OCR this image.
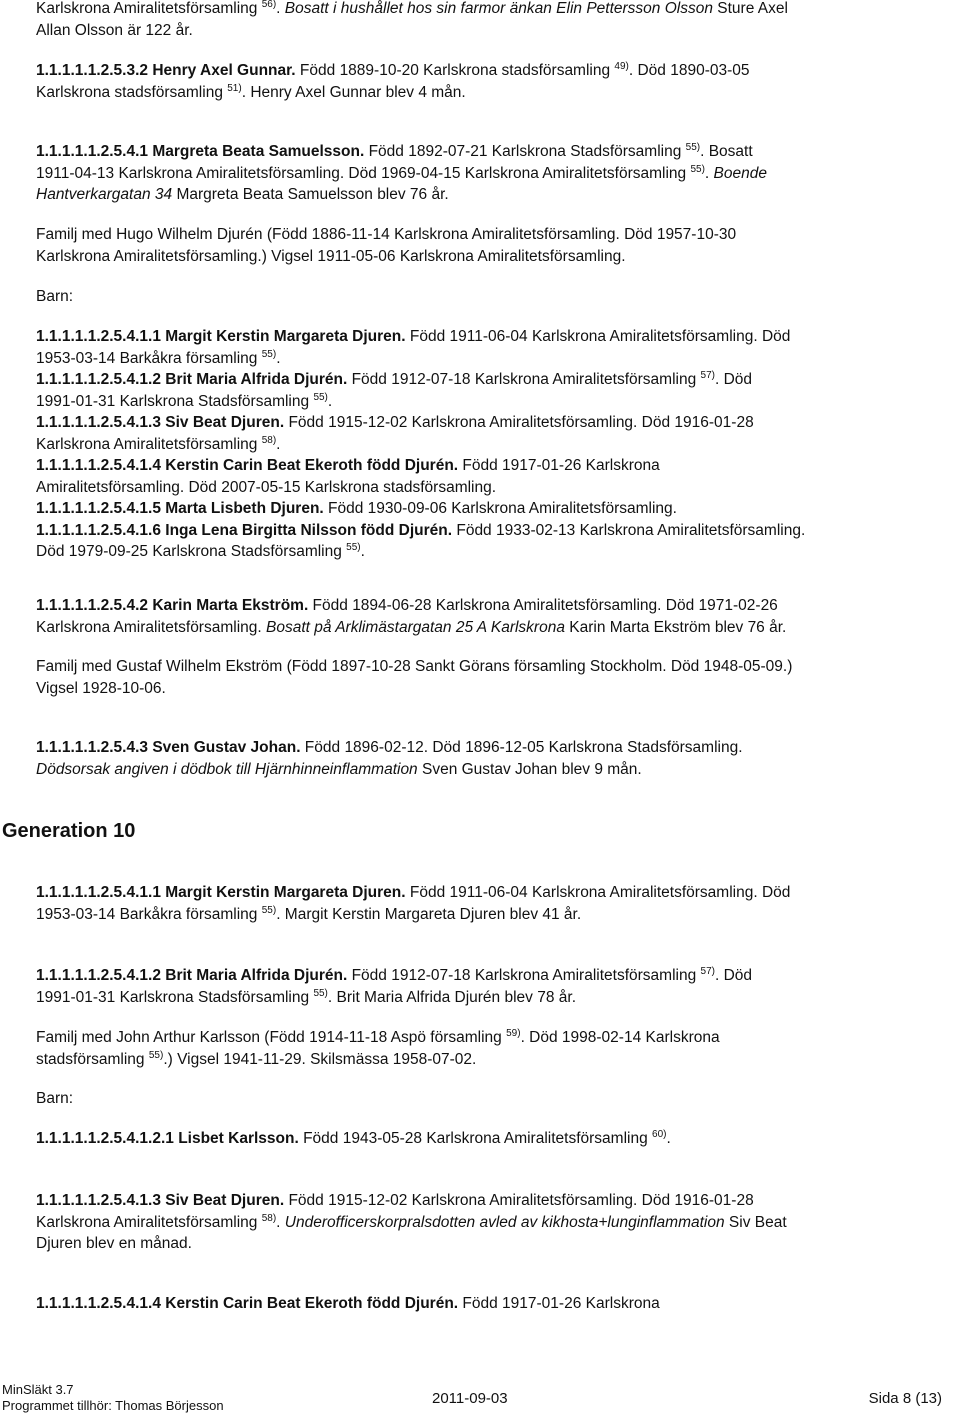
Karlskrona Amiralitetsförsamling $^{56)}$. Bosatt i hushållet hos sin farmor änkan Elin Pettersson Olsson Sture Axel

Allan Olsson är 122 år.

1.1.1.1.1.2.5.3.2 Henry Axel Gunnar. Född 1889-10-20 Karlskrona stadsförsamling $^{49)}$. Död 1890-03-05

Karlskrona stadsförsamling $^{51)}$. Henry Axel Gunnar blev 4 mån.

1.1.1.1.1.2.5.4.1 Margreta Beata Samuelsson. Född 1892-07-21 Karlskrona Stadsförsamling $^{55)}$. Bosatt

1911-04-13 Karlskrona Amiralitetsförsamling. Död 1969-04-15 Karlskrona Amiralitetsförsamling $^{55)}$. Boende

Hantverkargatan 34 Margreta Beata Samuelsson blev 76 år.

Familj med Hugo Wilhelm Djurén (Född 1886-11-14 Karlskrona Amiralitetsförsamling. Död 1957-10-30

Karlskrona Amiralitetsförsamling.) Vigsel 1911-05-06 Karlskrona Amiralitetsförsamling.

Barn:

1.1.1.1.1.2.5.4.1.1 Margit Kerstin Margareta Djuren. Född 1911-06-04 Karlskrona Amiralitetsförsamling. Död

1953-03-14 Barkåkra församling $^{55)}$.

1.1.1.1.1.2.5.4.1.2 Brit Maria Alfrida Djurén. Född 1912-07-18 Karlskrona Amiralitetsförsamling $^{57)}$. Död

1991-01-31 Karlskrona Stadsförsamling $^{55)}$.

1.1.1.1.1.2.5.4.1.3 Siv Beat Djuren. Född 1915-12-02 Karlskrona Amiralitetsförsamling. Död 1916-01-28

Karlskrona Amiralitetsförsamling $^{58)}$.

1.1.1.1.1.2.5.4.1.4 Kerstin Carin Beat Ekeroth född Djurén. Född 1917-01-26 Karlskrona

Amiralitetsförsamling. Död 2007-05-15 Karlskrona stadsförsamling.

1.1.1.1.1.2.5.4.1.5 Marta Lisbeth Djuren. Född 1930-09-06 Karlskrona Amiralitetsförsamling.

1.1.1.1.1.2.5.4.1.6 Inga Lena Birgitta Nilsson född Djurén. Född 1933-02-13 Karlskrona Amiralitetsförsamling.

Död 1979-09-25 Karlskrona Stadsförsamling $^{55)}$.

1.1.1.1.1.2.5.4.2 Karin Marta Ekström. Född 1894-06-28 Karlskrona Amiralitetsförsamling. Död 1971-02-26

Karlskrona Amiralitetsförsamling. Bosatt på Arklimästargatan 25 A Karlskrona Karin Marta Ekström blev 76 år.

Familj med Gustaf Wilhelm Ekström (Född 1897-10-28 Sankt Görans församling Stockholm. Död 1948-05-09.)

Vigsel 1928-10-06.

1.1.1.1.1.2.5.4.3 Sven Gustav Johan. Född 1896-02-12. Död 1896-12-05 Karlskrona Stadsförsamling.

Dödsorsak angiven i dödbok till Hjärnhinneinflammation Sven Gustav Johan blev 9 mån.

1.1.1.1.1.2.5.4.1.1 Margit Kerstin Margareta Djuren. Född 1911-06-04 Karlskrona Amiralitetsförsamling. Död

1953-03-14 Barkåkra församling $^{55)}$. Margit Kerstin Margareta Djuren blev 41 år.

1.1.1.1.1.2.5.4.1.2 Brit Maria Alfrida Djurén. Född 1912-07-18 Karlskrona Amiralitetsförsamling $^{57)}$. Död

1991-01-31 Karlskrona Stadsförsamling $^{55)}$. Brit Maria Alfrida Djurén blev 78 år.

Familj med John Arthur Karlsson (Född 1914-11-18 Aspö församling $^{59)}$. Död 1998-02-14 Karlskrona

stadsförsamling $^{55)}$.) Vigsel 1941-11-29. Skilsmässa 1958-07-02.

Barn:

1.1.1.1.1.2.5.4.1.2.1 Lisbet Karlsson. Född 1943-05-28 Karlskrona Amiralitetsförsamling $^{60)}$.

1.1.1.1.1.2.5.4.1.3 Siv Beat Djuren. Född 1915-12-02 Karlskrona Amiralitetsförsamling. Död 1916-01-28

Karlskrona Amiralitetsförsamling $^{58)}$. Underofficerskorpralsdotten avled av kikhosta+lunginflammation Siv Beat

Djuren blev en månad.

1.1.1.1.1.2.5.4.1.4 Kerstin Carin Beat Ekeroth född Djurén. Född 1917-01-26 Karlskrona

Generation 10
MinSläkt 3.7
Programmet tillhör: Thomas Börjesson	2011-09-03	Sida 8 (13)
